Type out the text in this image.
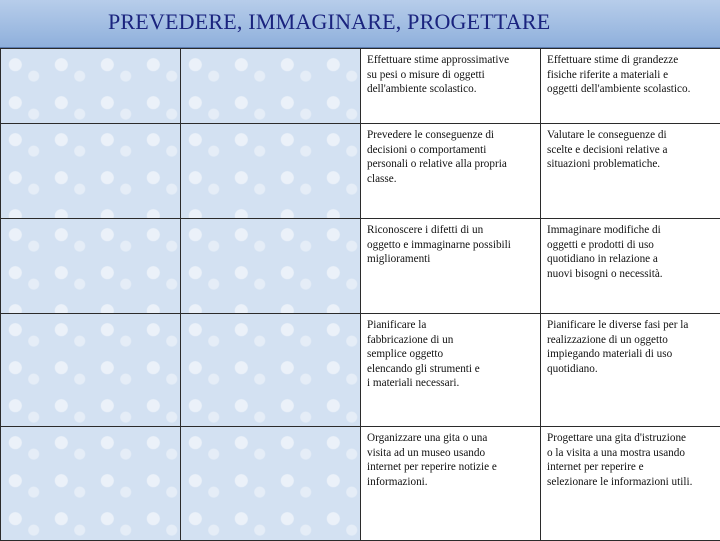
PREVEDERE, IMMAGINARE, PROGETTARE

		Effettuare stime approssimative
su pesi o misure di oggetti
dell'ambiente scolastico.	Effettuare stime di grandezze
fisiche riferite a materiali e
oggetti dell'ambiente scolastico.

		Prevedere le conseguenze di
decisioni o comportamenti
personali o relative alla propria
classe.	Valutare le conseguenze di
scelte e decisioni relative a
situazioni problematiche.

		Riconoscere i difetti di un
oggetto e immaginarne possibili
miglioramenti	Immaginare modifiche di
oggetti e prodotti di uso
quotidiano in relazione a
nuovi bisogni o necessità.

		Pianificare la
fabbricazione di un
semplice oggetto
elencando gli strumenti e
i materiali necessari.	Pianificare le diverse fasi per la
realizzazione di un oggetto
impiegando materiali di uso
quotidiano.

		Organizzare una gita o una
visita ad un museo usando
internet per reperire notizie e
informazioni.	Progettare una gita d'istruzione
o la visita a una mostra usando
internet per reperire e
selezionare le informazioni utili.
